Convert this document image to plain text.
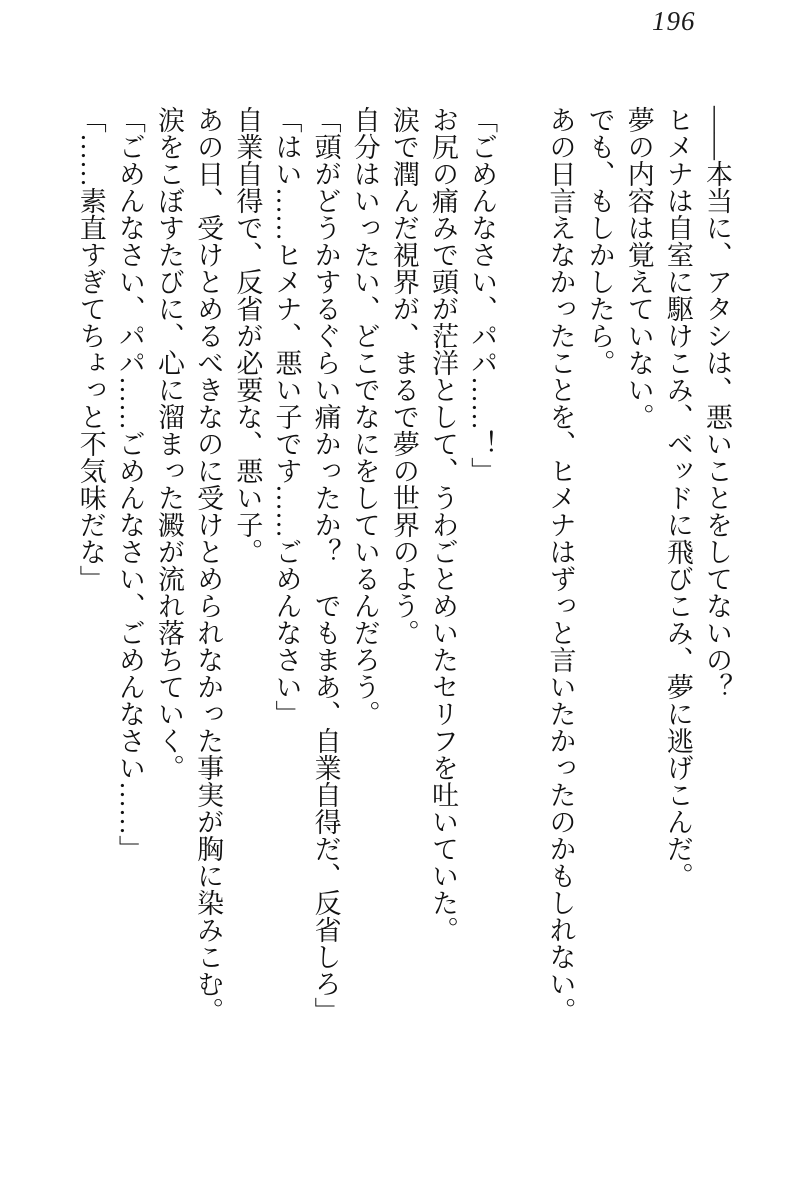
196

――本当に、アタシは、悪いことをしてないの？

ヒメナは自室に駆けこみ、ベッドに飛びこみ、夢に逃げこんだ。

夢の内容は覚えていない。

でも、もしかしたら。

あの日言えなかったことを、ヒメナはずっと言いたかったのかもしれない。

「ごめんなさい、パパ……！」

お尻の痛みで頭が茫洋として、うわごとめいたセリフを吐いていた。

涙で潤んだ視界が、まるで夢の世界のよう。

自分はいったい、どこでなにをしているんだろう。

「頭がどうかするぐらい痛かったか？　でもまあ、自業自得だ、反省しろ」

「はい……ヒメナ、悪い子です……ごめんなさい」

自業自得で、反省が必要な、悪い子。

あの日、受けとめるべきなのに受けとめられなかった事実が胸に染みこむ。

涙をこぼすたびに、心に溜まった澱が流れ落ちていく。

「ごめんなさい、パパ……ごめんなさい、ごめんなさい……」

「……素直すぎてちょっと不気味だな」
